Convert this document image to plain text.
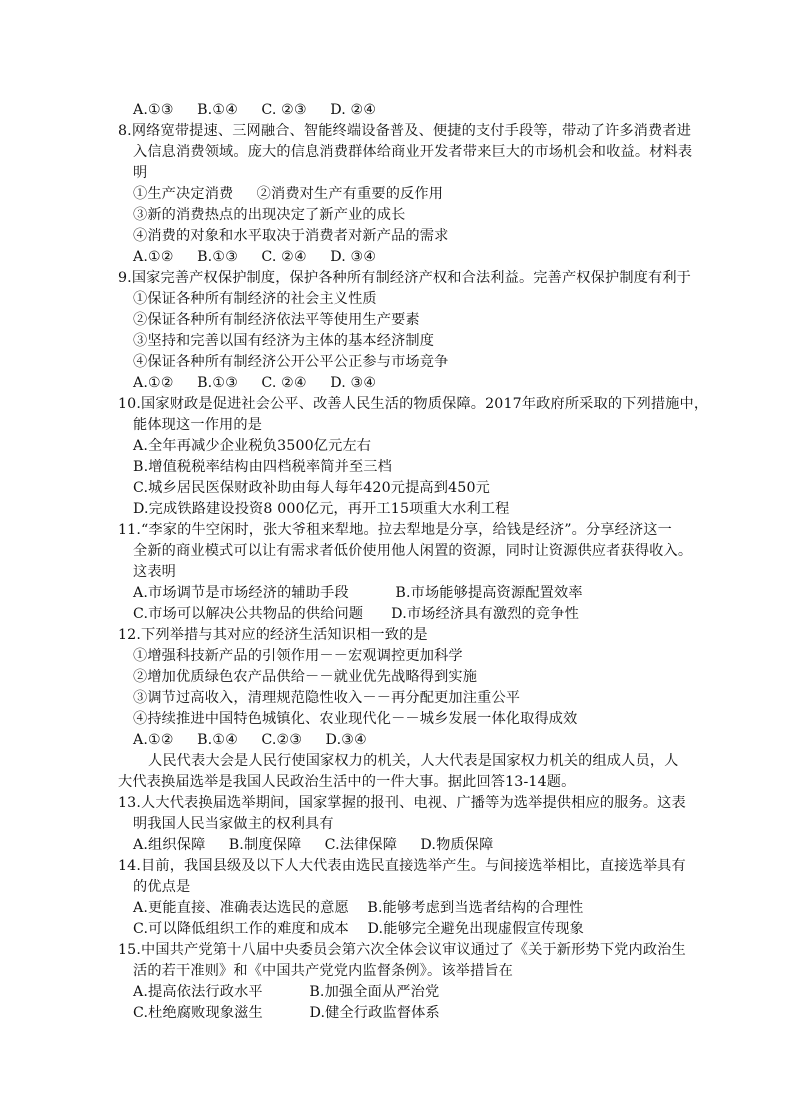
A.①③     B.①④     C. ②③     D. ②④
8.网络宽带提速、三网融合、智能终端设备普及、便捷的支付手段等，带动了许多消费者进
入信息消费领域。庞大的信息消费群体给商业开发者带来巨大的市场机会和收益。材料表
明
①生产决定消费     ②消费对生产有重要的反作用
③新的消费热点的出现决定了新产业的成长
④消费的对象和水平取决于消费者对新产品的需求
A.①②     B.①③     C. ②④     D. ③④
9.国家完善产权保护制度，保护各种所有制经济产权和合法利益。完善产权保护制度有利于
①保证各种所有制经济的社会主义性质
②保证各种所有制经济依法平等使用生产要素
③坚持和完善以国有经济为主体的基本经济制度
④保证各种所有制经济公开公平公正参与市场竞争
A.①②     B.①③     C. ②④     D. ③④
10.国家财政是促进社会公平、改善人民生活的物质保障。2017年政府所采取的下列措施中，
能体现这一作用的是
A.全年再减少企业税负3500亿元左右
B.增值税税率结构由四档税率简并至三档
C.城乡居民医保财政补助由每人每年420元提高到450元
D.完成铁路建设投资8 000亿元，再开工15项重大水利工程
11.“李家的牛空闲时，张大爷租来犁地。拉去犁地是分享，给钱是经济”。分享经济这一
全新的商业模式可以让有需求者低价使用他人闲置的资源，同时让资源供应者获得收入。
这表明
A.市场调节是市场经济的辅助手段          B.市场能够提高资源配置效率
C.市场可以解决公共物品的供给问题      D.市场经济具有激烈的竞争性
12.下列举措与其对应的经济生活知识相一致的是
①增强科技新产品的引领作用－－宏观调控更加科学
②增加优质绿色农产品供给－－就业优先战略得到实施
③调节过高收入，清理规范隐性收入－－再分配更加注重公平
④持续推进中国特色城镇化、农业现代化－－城乡发展一体化取得成效
A.①②     B.①④     C.②③     D.③④
人民代表大会是人民行使国家权力的机关，人大代表是国家权力机关的组成人员，人
大代表换届选举是我国人民政治生活中的一件大事。据此回答13-14题。
13.人大代表换届选举期间，国家掌握的报刊、电视、广播等为选举提供相应的服务。这表
明我国人民当家做主的权利具有
A.组织保障     B.制度保障     C.法律保障     D.物质保障
14.目前，我国县级及以下人大代表由选民直接选举产生。与间接选举相比，直接选举具有
的优点是
A.更能直接、准确表达选民的意愿    B.能够考虑到当选者结构的合理性
C.可以降低组织工作的难度和成本    D.能够完全避免出现虚假宣传现象
15.中国共产党第十八届中央委员会第六次全体会议审议通过了《关于新形势下党内政治生
活的若干准则》和《中国共产党党内监督条例》。该举措旨在
A.提高依法行政水平          B.加强全面从严治党
C.杜绝腐败现象滋生          D.健全行政监督体系
